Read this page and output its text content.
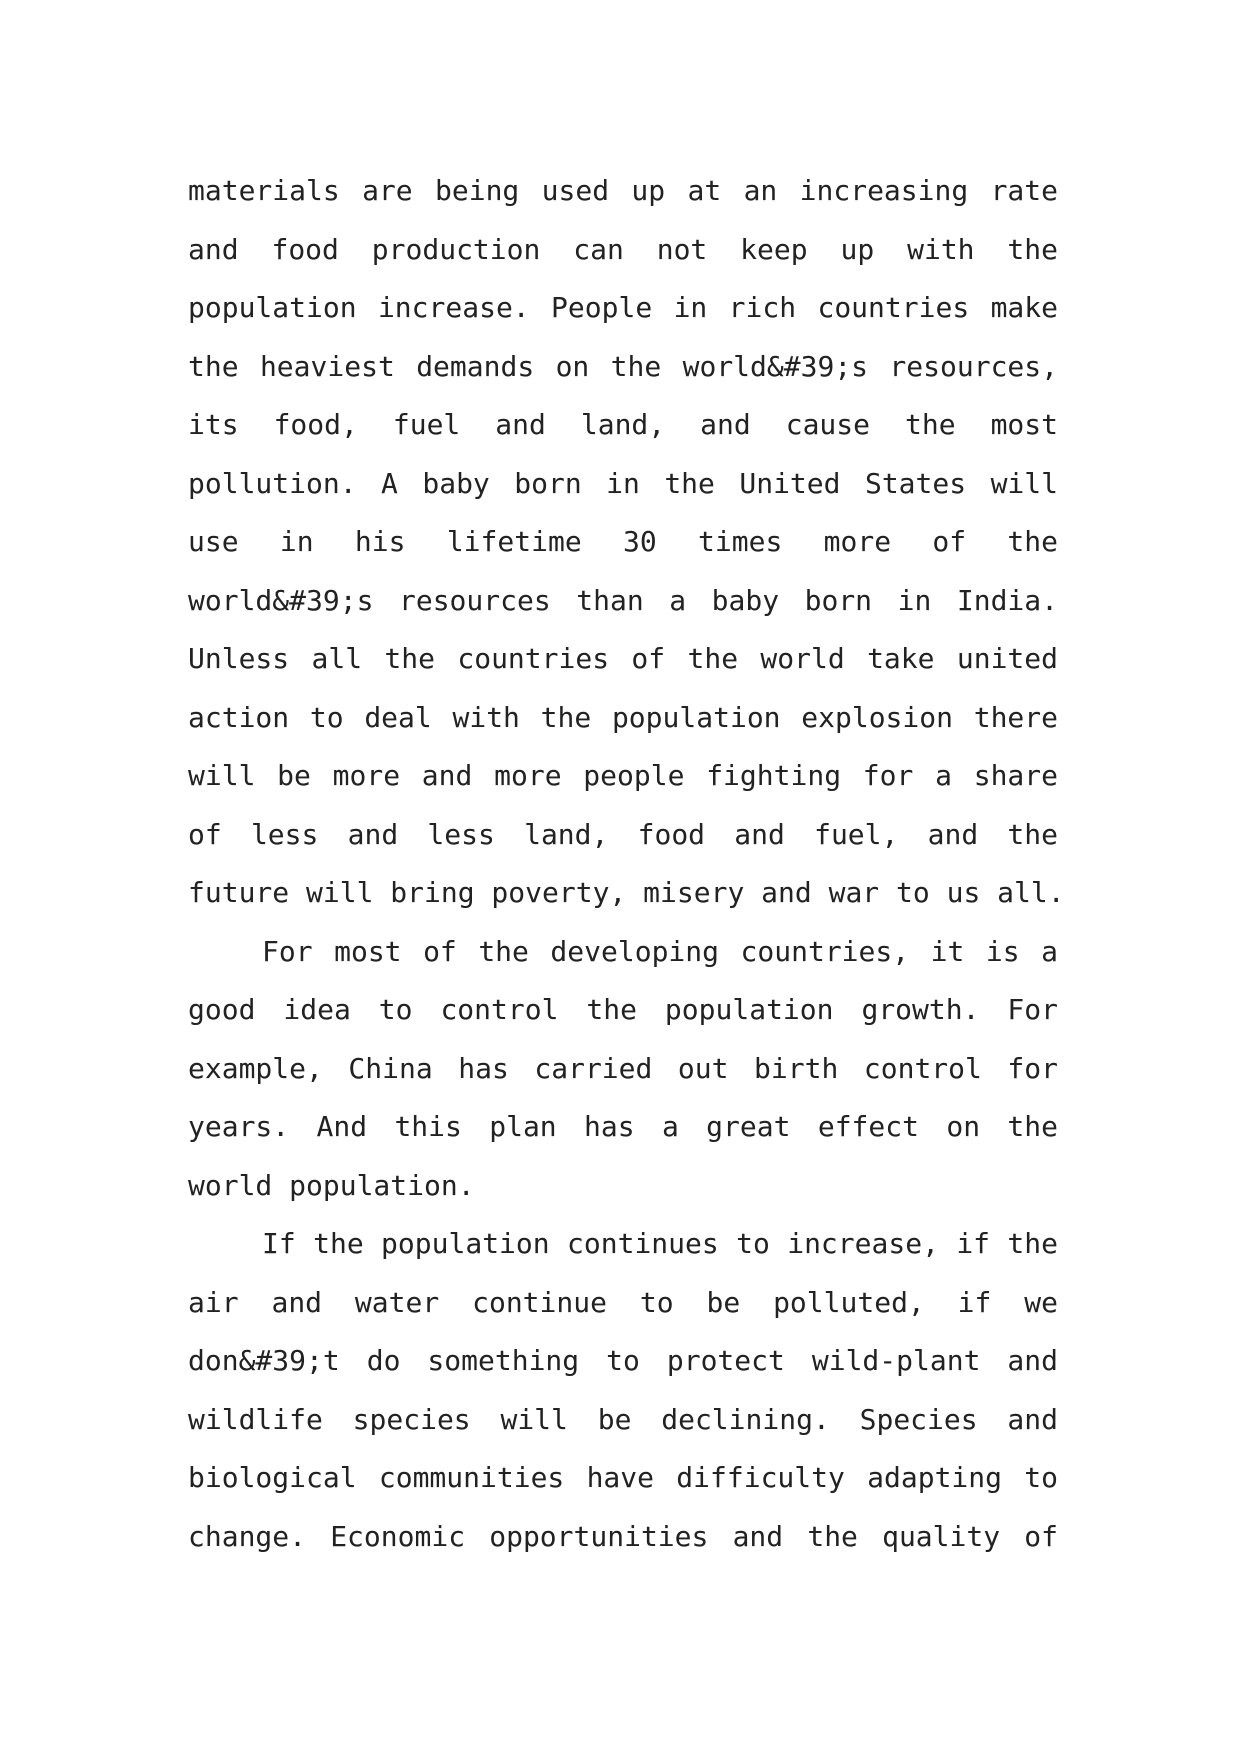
materials are being used up at an increasing rate
and food production can not keep up with the
population increase. People in rich countries make
the heaviest demands on the world&#39;s resources,
its food, fuel and land, and cause the most
pollution. A baby born in the United States will
use in his lifetime 30 times more of the
world&#39;s resources than a baby born in India.
Unless all the countries of the world take united
action to deal with the population explosion there
will be more and more people fighting for a share
of less and less land, food and fuel, and the
future will bring poverty, misery and war to us all.
For most of the developing countries, it is a
good idea to control the population growth. For
example, China has carried out birth control for
years. And this plan has a great effect on the
world population.
If the population continues to increase, if the
air and water continue to be polluted, if we
don&#39;t do something to protect wild-plant and
wildlife species will be declining. Species and
biological communities have difficulty adapting to
change. Economic opportunities and the quality of
